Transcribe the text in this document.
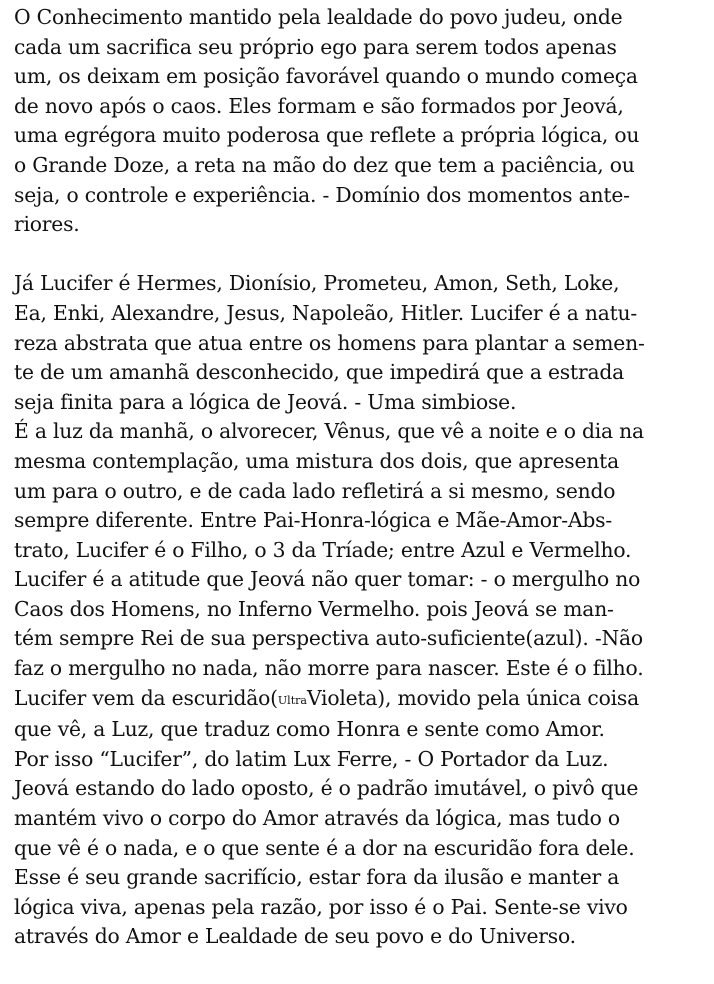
O Conhecimento mantido pela lealdade do povo judeu, onde
cada um sacrifica seu próprio ego para serem todos apenas
um, os deixam em posição favorável quando o mundo começa
de novo após o caos. Eles formam e são formados por Jeová,
uma egrégora muito poderosa que reflete a própria lógica, ou
o Grande Doze, a reta na mão do dez que tem a paciência, ou
seja, o controle e experiência. - Domínio dos momentos ante-
riores.
Já Lucifer é Hermes, Dionísio, Prometeu, Amon, Seth, Loke,
Ea, Enki, Alexandre, Jesus, Napoleão, Hitler. Lucifer é a natu-
reza abstrata que atua entre os homens para plantar a semen-
te de um amanhã desconhecido, que impedirá que a estrada
seja finita para a lógica de Jeová. - Uma simbiose.
É a luz da manhã, o alvorecer, Vênus, que vê a noite e o dia na
mesma contemplação, uma mistura dos dois, que apresenta
um para o outro, e de cada lado refletirá a si mesmo, sendo
sempre diferente. Entre Pai-Honra-lógica e Mãe-Amor-Abs-
trato, Lucifer é o Filho, o 3 da Tríade; entre Azul e Vermelho.
Lucifer é a atitude que Jeová não quer tomar: - o mergulho no
Caos dos Homens, no Inferno Vermelho. pois Jeová se man-
tém sempre Rei de sua perspectiva auto-suficiente(azul). -Não
faz o mergulho no nada, não morre para nascer. Este é o filho.
Lucifer vem da escuridão(UltraVioleta), movido pela única coisa
que vê, a Luz, que traduz como Honra e sente como Amor.
Por isso “Lucifer”, do latim Lux Ferre, - O Portador da Luz.
Jeová estando do lado oposto, é o padrão imutável, o pivô que
mantém vivo o corpo do Amor através da lógica, mas tudo o
que vê é o nada, e o que sente é a dor na escuridão fora dele.
Esse é seu grande sacrifício, estar fora da ilusão e manter a
lógica viva, apenas pela razão, por isso é o Pai. Sente-se vivo
através do Amor e Lealdade de seu povo e do Universo.
